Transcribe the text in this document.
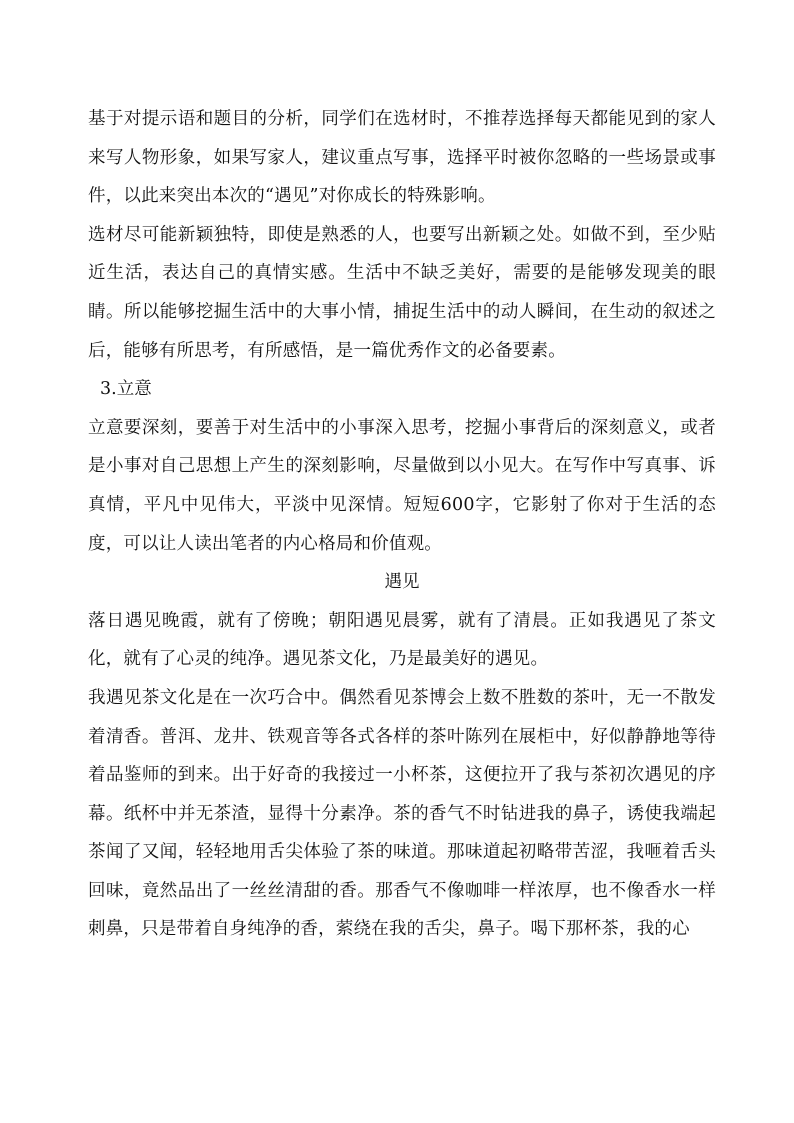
基于对提示语和题目的分析，同学们在选材时，不推荐选择每天都能见到的家人来写人物形象，如果写家人，建议重点写事，选择平时被你忽略的一些场景或事件，以此来突出本次的“遇见”对你成长的特殊影响。

选材尽可能新颖独特，即使是熟悉的人，也要写出新颖之处。如做不到，至少贴近生活，表达自己的真情实感。生活中不缺乏美好，需要的是能够发现美的眼睛。所以能够挖掘生活中的大事小情，捕捉生活中的动人瞬间，在生动的叙述之后，能够有所思考，有所感悟，是一篇优秀作文的必备要素。

3.立意

立意要深刻，要善于对生活中的小事深入思考，挖掘小事背后的深刻意义，或者是小事对自己思想上产生的深刻影响，尽量做到以小见大。在写作中写真事、诉真情，平凡中见伟大，平淡中见深情。短短600字，它影射了你对于生活的态度，可以让人读出笔者的内心格局和价值观。

遇见

落日遇见晚霞，就有了傍晚；朝阳遇见晨雾，就有了清晨。正如我遇见了茶文化，就有了心灵的纯净。遇见茶文化，乃是最美好的遇见。

我遇见茶文化是在一次巧合中。偶然看见茶博会上数不胜数的茶叶，无一不散发着清香。普洱、龙井、铁观音等各式各样的茶叶陈列在展柜中，好似静静地等待着品鉴师的到来。出于好奇的我接过一小杯茶，这便拉开了我与茶初次遇见的序幕。纸杯中并无茶渣，显得十分素净。茶的香气不时钻进我的鼻子，诱使我端起茶闻了又闻，轻轻地用舌尖体验了茶的味道。那味道起初略带苦涩，我咂着舌头回味，竟然品出了一丝丝清甜的香。那香气不像咖啡一样浓厚，也不像香水一样刺鼻，只是带着自身纯净的香，萦绕在我的舌尖，鼻子。喝下那杯茶，我的心
